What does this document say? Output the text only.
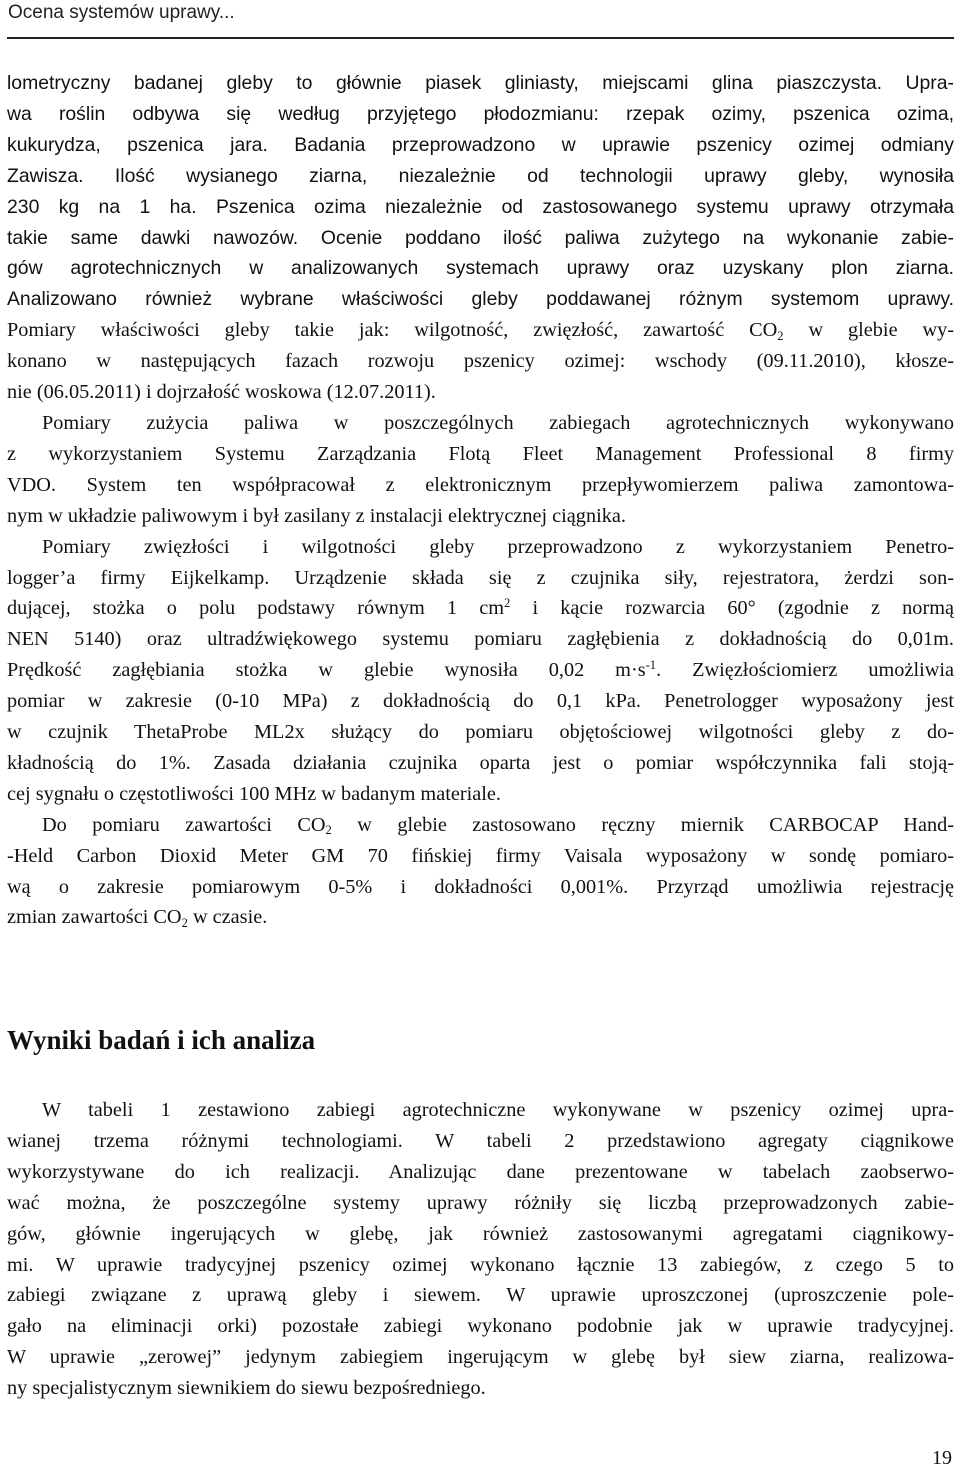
Ocena systemów uprawy...

lometryczny badanej gleby to głównie piasek gliniasty, miejscami glina piaszczysta. Upra-
wa roślin odbywa się według przyjętego płodozmianu: rzepak ozimy, pszenica ozima,
kukurydza, pszenica jara. Badania przeprowadzono w uprawie pszenicy ozimej odmiany
Zawisza. Ilość wysianego ziarna, niezależnie od technologii uprawy gleby, wynosiła
230 kg na 1 ha. Pszenica ozima niezależnie od zastosowanego systemu uprawy otrzymała
takie same dawki nawozów. Ocenie poddano ilość paliwa zużytego na wykonanie zabie-
gów agrotechnicznych w analizowanych systemach uprawy oraz uzyskany plon ziarna.
Analizowano również wybrane właściwości gleby poddawanej różnym systemom uprawy.
Pomiary właściwości gleby takie jak: wilgotność, zwięzłość, zawartość $CO_2$ w glebie wy-
konano w następujących fazach rozwoju pszenicy ozimej: wschody (09.11.2010), kłosze-
nie (06.05.2011) i dojrzałość woskowa (12.07.2011).

Pomiary zużycia paliwa w poszczególnych zabiegach agrotechnicznych wykonywano
z wykorzystaniem Systemu Zarządzania Flotą Fleet Management Professional 8 firmy
VDO. System ten współpracował z elektronicznym przepływomierzem paliwa zamontowa-
nym w układzie paliwowym i był zasilany z instalacji elektrycznej ciągnika.

Pomiary zwięzłości i wilgotności gleby przeprowadzono z wykorzystaniem Penetro-
logger’a firmy Eijkelkamp. Urządzenie składa się z czujnika siły, rejestratora, żerdzi son-
dującej, stożka o polu podstawy równym 1 $cm^2$ i kącie rozwarcia 60° (zgodnie z normą
NEN 5140) oraz ultradźwiękowego systemu pomiaru zagłębienia z dokładnością do 0,01m.
Prędkość zagłębiania stożka w glebie wynosiła 0,02 $m\cdot s^{-1}$. Zwięzłościomierz umożliwia
pomiar w zakresie (0-10 MPa) z dokładnością do 0,1 kPa. Penetrologger wyposażony jest
w czujnik ThetaProbe ML2x służący do pomiaru objętościowej wilgotności gleby z do-
kładnością do 1%. Zasada działania czujnika oparta jest o pomiar współczynnika fali stoją-
cej sygnału o częstotliwości 100 MHz w badanym materiale.

Do pomiaru zawartości $CO_2$ w glebie zastosowano ręczny miernik CARBOCAP Hand-
-Held Carbon Dioxid Meter GM 70 fińskiej firmy Vaisala wyposażony w sondę pomiaro-
wą o zakresie pomiarowym 0-5% i dokładności 0,001%. Przyrząd umożliwia rejestrację
zmian zawartości $CO_2$ w czasie.

Wyniki badań i ich analiza

W tabeli 1 zestawiono zabiegi agrotechniczne wykonywane w pszenicy ozimej upra-
wianej trzema różnymi technologiami. W tabeli 2 przedstawiono agregaty ciągnikowe
wykorzystywane do ich realizacji. Analizując dane prezentowane w tabelach zaobserwo-
wać można, że poszczególne systemy uprawy różniły się liczbą przeprowadzonych zabie-
gów, głównie ingerujących w glebę, jak również zastosowanymi agregatami ciągnikowy-
mi. W uprawie tradycyjnej pszenicy ozimej wykonano łącznie 13 zabiegów, z czego 5 to
zabiegi związane z uprawą gleby i siewem. W uprawie uproszczonej (uproszczenie pole-
gało na eliminacji orki) pozostałe zabiegi wykonano podobnie jak w uprawie tradycyjnej.
W uprawie „zerowej” jedynym zabiegiem ingerującym w glebę był siew ziarna, realizowa-
ny specjalistycznym siewnikiem do siewu bezpośredniego.

19
